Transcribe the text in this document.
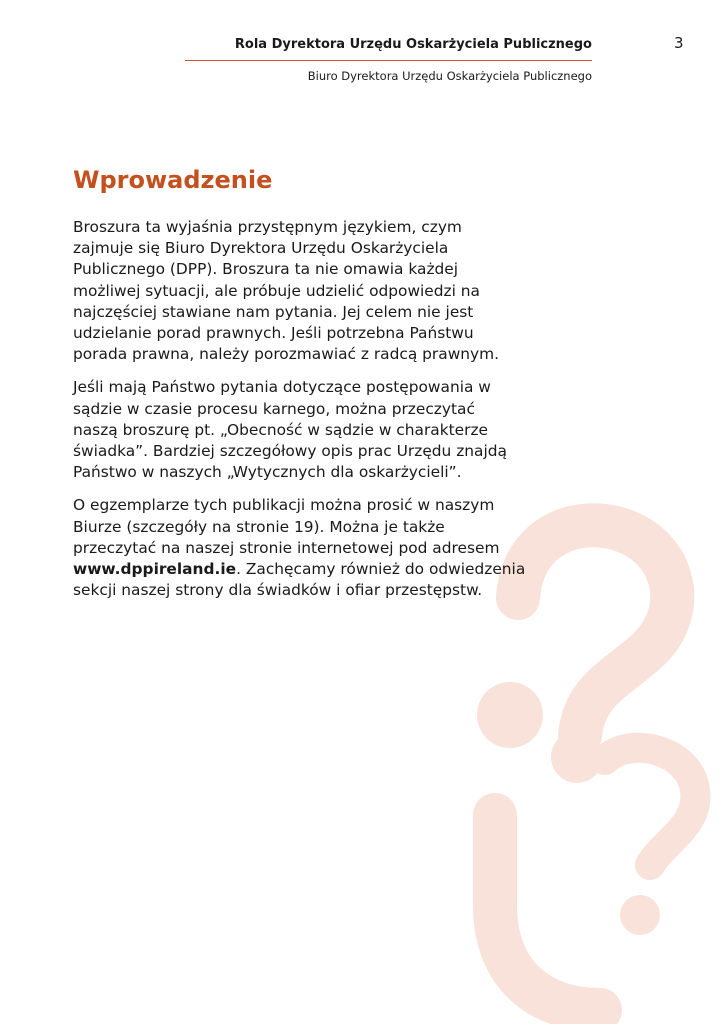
Rola Dyrektora Urzędu Oskarżyciela Publicznego
Biuro Dyrektora Urzędu Oskarżyciela Publicznego
3
Wprowadzenie

Broszura ta wyjaśnia przystępnym językiem, czym
zajmuje się Biuro Dyrektora Urzędu Oskarżyciela
Publicznego (DPP). Broszura ta nie omawia każdej
możliwej sytuacji, ale próbuje udzielić odpowiedzi na
najczęściej stawiane nam pytania. Jej celem nie jest
udzielanie porad prawnych. Jeśli potrzebna Państwu
porada prawna, należy porozmawiać z radcą prawnym.

Jeśli mają Państwo pytania dotyczące postępowania w
sądzie w czasie procesu karnego, można przeczytać
naszą broszurę pt. „Obecność w sądzie w charakterze
świadka”. Bardziej szczegółowy opis prac Urzędu znajdą
Państwo w naszych „Wytycznych dla oskarżycieli”.

O egzemplarze tych publikacji można prosić w naszym
Biurze (szczegóły na stronie 19). Można je także
przeczytać na naszej stronie internetowej pod adresem
www.dppireland.ie. Zachęcamy również do odwiedzenia
sekcji naszej strony dla świadków i ofiar przestępstw.
